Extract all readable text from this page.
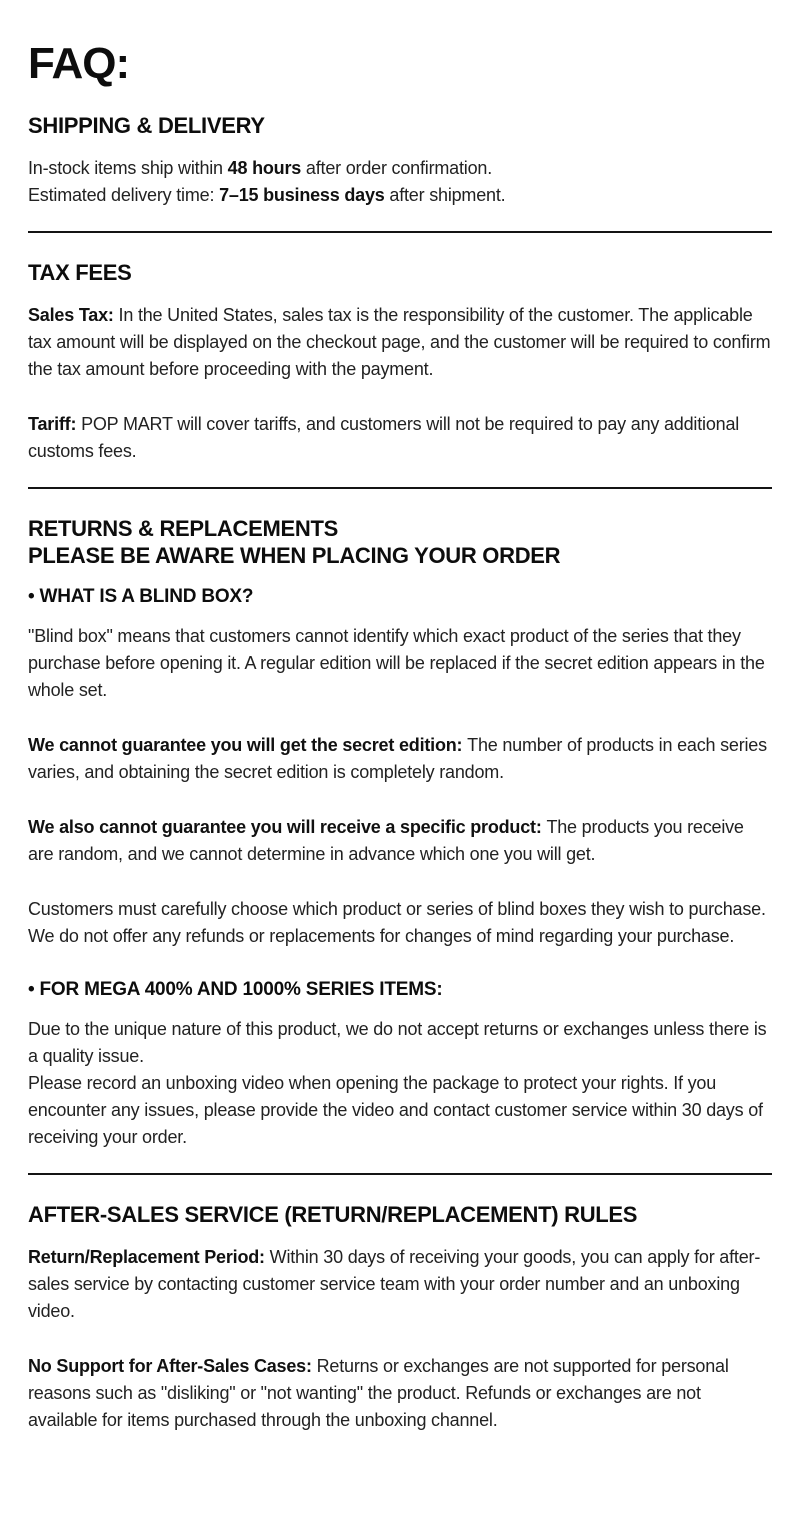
FAQ:
SHIPPING & DELIVERY

In-stock items ship within 48 hours after order confirmation.
Estimated delivery time: 7–15 business days after shipment.

TAX FEES

Sales Tax: In the United States, sales tax is the responsibility of the customer. The applicable tax amount will be displayed on the checkout page, and the customer will be required to confirm the tax amount before proceeding with the payment.

Tariff: POP MART will cover tariffs, and customers will not be required to pay any additional customs fees.

RETURNS & REPLACEMENTS
PLEASE BE AWARE WHEN PLACING YOUR ORDER
• WHAT IS A BLIND BOX?

"Blind box" means that customers cannot identify which exact product of the series that they purchase before opening it. A regular edition will be replaced if the secret edition appears in the whole set.

We cannot guarantee you will get the secret edition: The number of products in each series varies, and obtaining the secret edition is completely random.

We also cannot guarantee you will receive a specific product: The products you receive are random, and we cannot determine in advance which one you will get.

Customers must carefully choose which product or series of blind boxes they wish to purchase. We do not offer any refunds or replacements for changes of mind regarding your purchase.

• FOR MEGA 400% AND 1000% SERIES ITEMS:

Due to the unique nature of this product, we do not accept returns or exchanges unless there is a quality issue.
Please record an unboxing video when opening the package to protect your rights. If you encounter any issues, please provide the video and contact customer service within 30 days of receiving your order.

AFTER-SALES SERVICE (RETURN/REPLACEMENT) RULES

Return/Replacement Period: Within 30 days of receiving your goods, you can apply for after-sales service by contacting customer service team with your order number and an unboxing video.

No Support for After-Sales Cases: Returns or exchanges are not supported for personal reasons such as "disliking" or "not wanting" the product. Refunds or exchanges are not available for items purchased through the unboxing channel.
